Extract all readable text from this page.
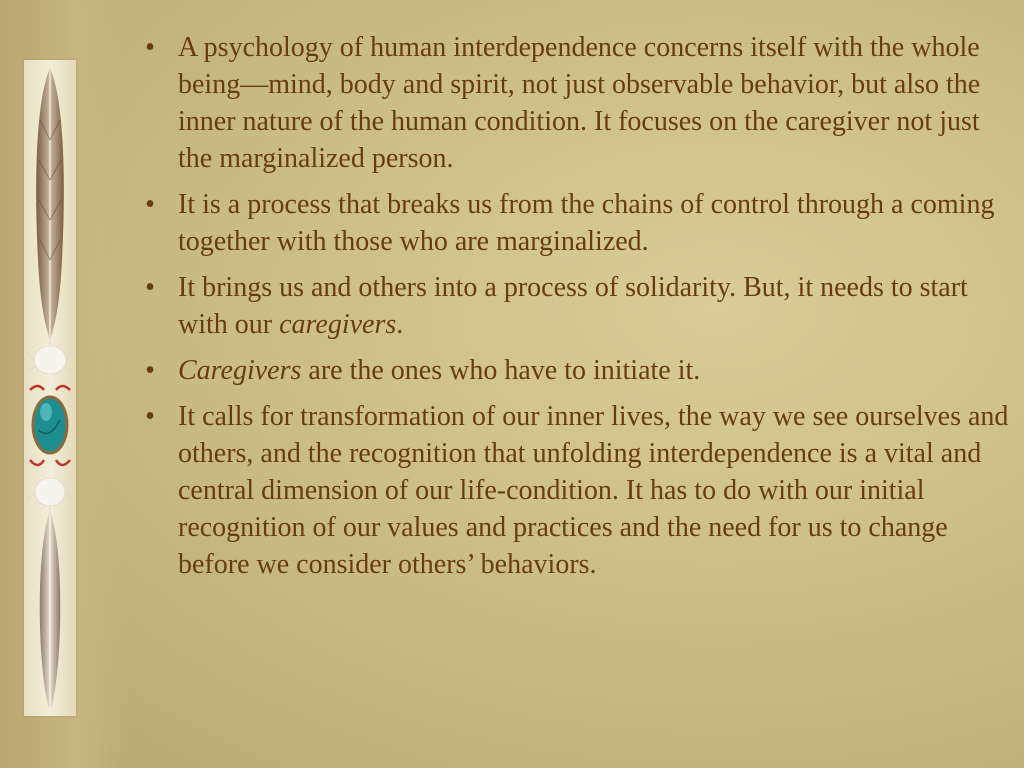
• A psychology of human interdependence concerns itself with the whole being—mind, body and spirit, not just observable behavior, but also the inner nature of the human condition. It focuses on the caregiver not just the marginalized person.
• It is a process that breaks us from the chains of control through a coming together with those who are marginalized.
• It brings us and others into a process of solidarity. But, it needs to start with our caregivers.
• Caregivers are the ones who have to initiate it.
• It calls for transformation of our inner lives, the way we see ourselves and others, and the recognition that unfolding interdependence is a vital and central dimension of our life-condition. It has to do with our initial recognition of our values and practices and the need for us to change before we consider others’ behaviors.
